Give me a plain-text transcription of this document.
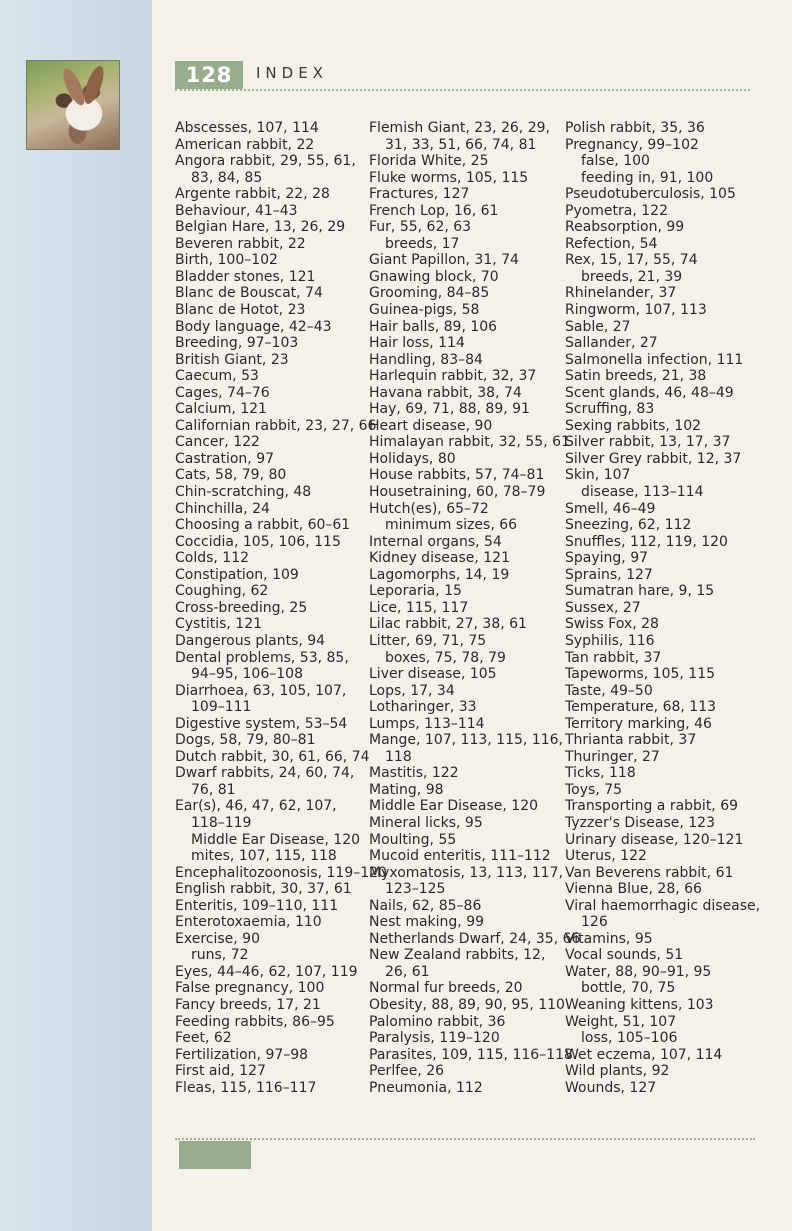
128	INDEX
Abscesses, 107, 114
American rabbit, 22
Angora rabbit, 29, 55, 61,
83, 84, 85
Argente rabbit, 22, 28
Behaviour, 41–43
Belgian Hare, 13, 26, 29
Beveren rabbit, 22
Birth, 100–102
Bladder stones, 121
Blanc de Bouscat, 74
Blanc de Hotot, 23
Body language, 42–43
Breeding, 97–103
British Giant, 23
Caecum, 53
Cages, 74–76
Calcium, 121
Californian rabbit, 23, 27, 66
Cancer, 122
Castration, 97
Cats, 58, 79, 80
Chin-scratching, 48
Chinchilla, 24
Choosing a rabbit, 60–61
Coccidia, 105, 106, 115
Colds, 112
Constipation, 109
Coughing, 62
Cross-breeding, 25
Cystitis, 121
Dangerous plants, 94
Dental problems, 53, 85,
94–95, 106–108
Diarrhoea, 63, 105, 107,
109–111
Digestive system, 53–54
Dogs, 58, 79, 80–81
Dutch rabbit, 30, 61, 66, 74
Dwarf rabbits, 24, 60, 74,
76, 81
Ear(s), 46, 47, 62, 107,
118–119
Middle Ear Disease, 120
mites, 107, 115, 118
Encephalitozoonosis, 119–120
English rabbit, 30, 37, 61
Enteritis, 109–110, 111
Enterotoxaemia, 110
Exercise, 90
runs, 72
Eyes, 44–46, 62, 107, 119
False pregnancy, 100
Fancy breeds, 17, 21
Feeding rabbits, 86–95
Feet, 62
Fertilization, 97–98
First aid, 127
Fleas, 115, 116–117
Flemish Giant, 23, 26, 29,
31, 33, 51, 66, 74, 81
Florida White, 25
Fluke worms, 105, 115
Fractures, 127
French Lop, 16, 61
Fur, 55, 62, 63
breeds, 17
Giant Papillon, 31, 74
Gnawing block, 70
Grooming, 84–85
Guinea-pigs, 58
Hair balls, 89, 106
Hair loss, 114
Handling, 83–84
Harlequin rabbit, 32, 37
Havana rabbit, 38, 74
Hay, 69, 71, 88, 89, 91
Heart disease, 90
Himalayan rabbit, 32, 55, 61
Holidays, 80
House rabbits, 57, 74–81
Housetraining, 60, 78–79
Hutch(es), 65–72
minimum sizes, 66
Internal organs, 54
Kidney disease, 121
Lagomorphs, 14, 19
Leporaria, 15
Lice, 115, 117
Lilac rabbit, 27, 38, 61
Litter, 69, 71, 75
boxes, 75, 78, 79
Liver disease, 105
Lops, 17, 34
Lotharinger, 33
Lumps, 113–114
Mange, 107, 113, 115, 116,
118
Mastitis, 122
Mating, 98
Middle Ear Disease, 120
Mineral licks, 95
Moulting, 55
Mucoid enteritis, 111–112
Myxomatosis, 13, 113, 117,
123–125
Nails, 62, 85–86
Nest making, 99
Netherlands Dwarf, 24, 35, 66
New Zealand rabbits, 12,
26, 61
Normal fur breeds, 20
Obesity, 88, 89, 90, 95, 110
Palomino rabbit, 36
Paralysis, 119–120
Parasites, 109, 115, 116–118
Perlfee, 26
Pneumonia, 112
Polish rabbit, 35, 36
Pregnancy, 99–102
false, 100
feeding in, 91, 100
Pseudotuberculosis, 105
Pyometra, 122
Reabsorption, 99
Refection, 54
Rex, 15, 17, 55, 74
breeds, 21, 39
Rhinelander, 37
Ringworm, 107, 113
Sable, 27
Sallander, 27
Salmonella infection, 111
Satin breeds, 21, 38
Scent glands, 46, 48–49
Scruffing, 83
Sexing rabbits, 102
Silver rabbit, 13, 17, 37
Silver Grey rabbit, 12, 37
Skin, 107
disease, 113–114
Smell, 46–49
Sneezing, 62, 112
Snuffles, 112, 119, 120
Spaying, 97
Sprains, 127
Sumatran hare, 9, 15
Sussex, 27
Swiss Fox, 28
Syphilis, 116
Tan rabbit, 37
Tapeworms, 105, 115
Taste, 49–50
Temperature, 68, 113
Territory marking, 46
Thrianta rabbit, 37
Thuringer, 27
Ticks, 118
Toys, 75
Transporting a rabbit, 69
Tyzzer's Disease, 123
Urinary disease, 120–121
Uterus, 122
Van Beverens rabbit, 61
Vienna Blue, 28, 66
Viral haemorrhagic disease,
126
Vitamins, 95
Vocal sounds, 51
Water, 88, 90–91, 95
bottle, 70, 75
Weaning kittens, 103
Weight, 51, 107
loss, 105–106
Wet eczema, 107, 114
Wild plants, 92
Wounds, 127
